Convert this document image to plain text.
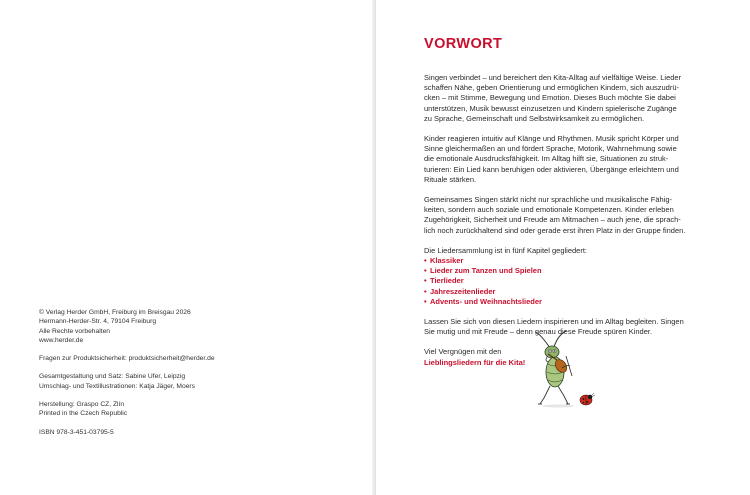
© Verlag Herder GmbH, Freiburg im Breisgau 2026
Hermann-Herder-Str. 4, 79104 Freiburg
Alle Rechte vorbehalten
www.herder.de
Fragen zur Produktsicherheit: produktsicherheit@herder.de
Gesamtgestaltung und Satz: Sabine Ufer, Leipzig
Umschlag- und Textillustrationen: Katja Jäger, Moers
Herstellung: Graspo CZ, Zlín
Printed in the Czech Republic
ISBN 978-3-451-03795-5
VORWORT

Singen verbindet – und bereichert den Kita-Alltag auf vielfältige Weise. Lieder
schaffen Nähe, geben Orientierung und ermöglichen Kindern, sich auszudrü-
cken – mit Stimme, Bewegung und Emotion. Dieses Buch möchte Sie dabei
unterstützen, Musik bewusst einzusetzen und Kindern spielerische Zugänge
zu Sprache, Gemeinschaft und Selbstwirksamkeit zu ermöglichen.

Kinder reagieren intuitiv auf Klänge und Rhythmen. Musik spricht Körper und
Sinne gleichermaßen an und fördert Sprache, Motorik, Wahrnehmung sowie
die emotionale Ausdrucksfähigkeit. Im Alltag hilft sie, Situationen zu struk-
turieren: Ein Lied kann beruhigen oder aktivieren, Übergänge erleichtern und
Rituale stärken.

Gemeinsames Singen stärkt nicht nur sprachliche und musikalische Fähig-
keiten, sondern auch soziale und emotionale Kompetenzen. Kinder erleben
Zugehörigkeit, Sicherheit und Freude am Mitmachen – auch jene, die sprach-
lich noch zurückhaltend sind oder gerade erst ihren Platz in der Gruppe finden.

Die Liedersammlung ist in fünf Kapitel gegliedert:

• Klassiker
• Lieder zum Tanzen und Spielen
• Tierlieder
• Jahreszeitenlieder
• Advents- und Weihnachtslieder

Lassen Sie sich von diesen Liedern inspirieren und im Alltag begleiten. Singen
Sie mutig und mit Freude – denn genau diese Freude spüren Kinder.

Viel Vergnügen mit den
Lieblingsliedern für die Kita!
